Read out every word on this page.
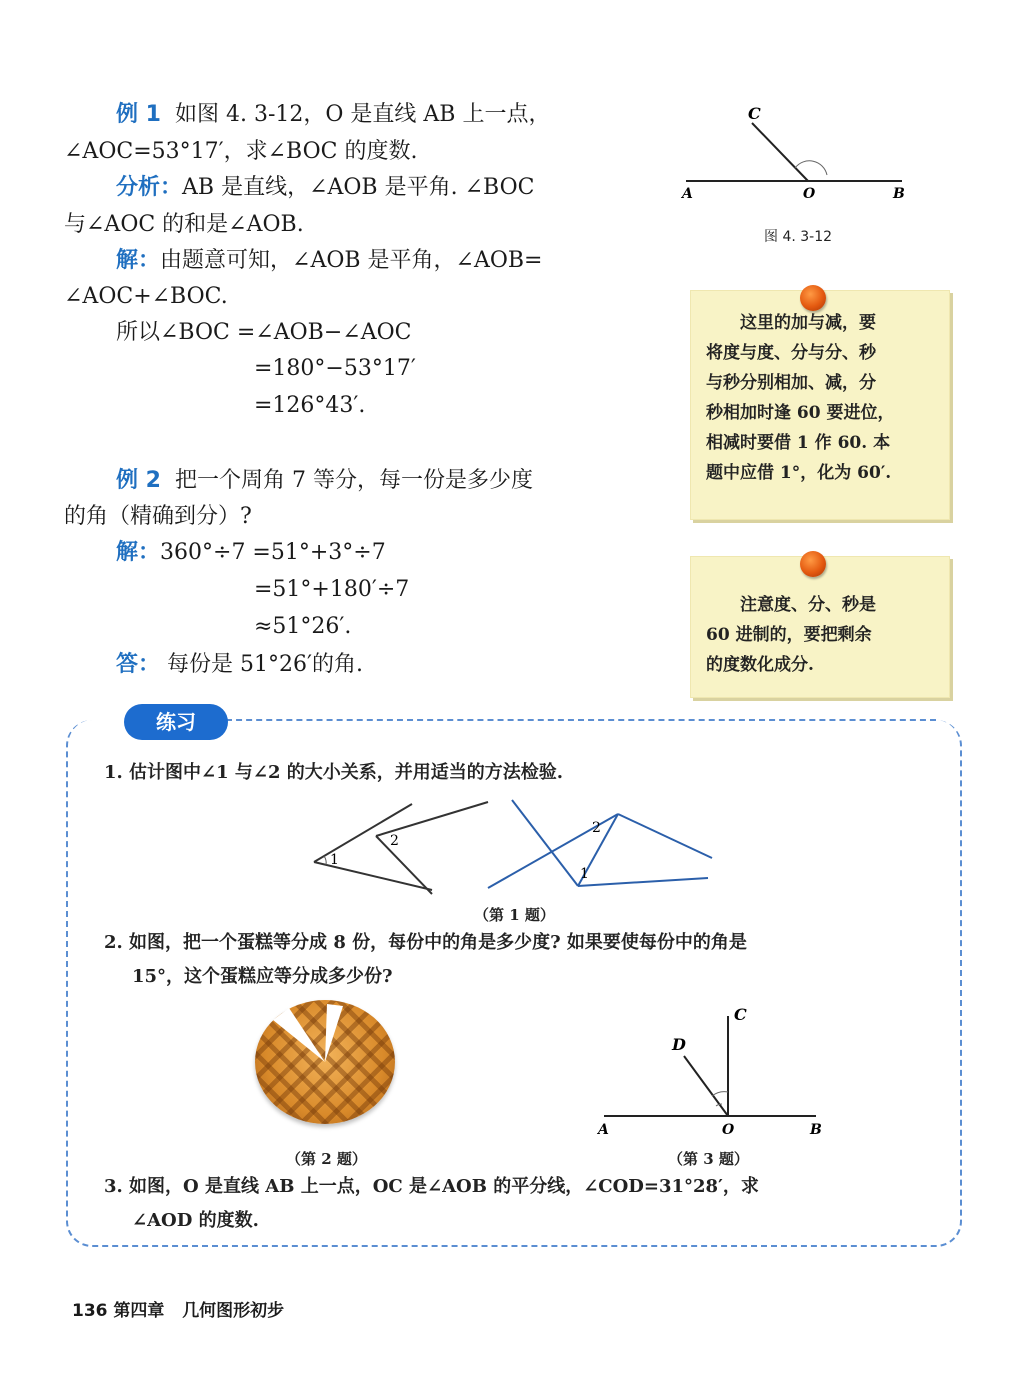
例 1 如图 4. 3-12，O 是直线 AB 上一点，
∠AOC=53°17′，求∠BOC 的度数.
分析：AB 是直线，∠AOB 是平角. ∠BOC
与∠AOC 的和是∠AOB.
解：由题意可知，∠AOB 是平角，∠AOB=
∠AOC+∠BOC.
所以∠BOC =∠AOB−∠AOC
=180°−53°17′
=126°43′.
C
A	O	B
图 4. 3-12
这里的加与减，要
将度与度、分与分、秒
与秒分别相加、减，分
秒相加时逢 60 要进位，
相减时要借 1 作 60. 本
题中应借 1°，化为 60′.
例 2 把一个周角 7 等分，每一份是多少度
的角（精确到分）?
解：360°÷7 =51°+3°÷7
=51°+180′÷7
≈51°26′.
答： 每份是 51°26′的角.
注意度、分、秒是
60 进制的，要把剩余
的度数化成分.
练习
1. 估计图中∠1 与∠2 的大小关系，并用适当的方法检验.
1
2
2
1
（第 1 题）
2. 如图，把一个蛋糕等分成 8 份，每份中的角是多少度? 如果要使每份中的角是
15°，这个蛋糕应等分成多少份?
（第 2 题）
C
D
A	O	B
（第 3 题）
3. 如图，O 是直线 AB 上一点，OC 是∠AOB 的平分线，∠COD=31°28′，求
∠AOD 的度数.
136 第四章 几何图形初步
